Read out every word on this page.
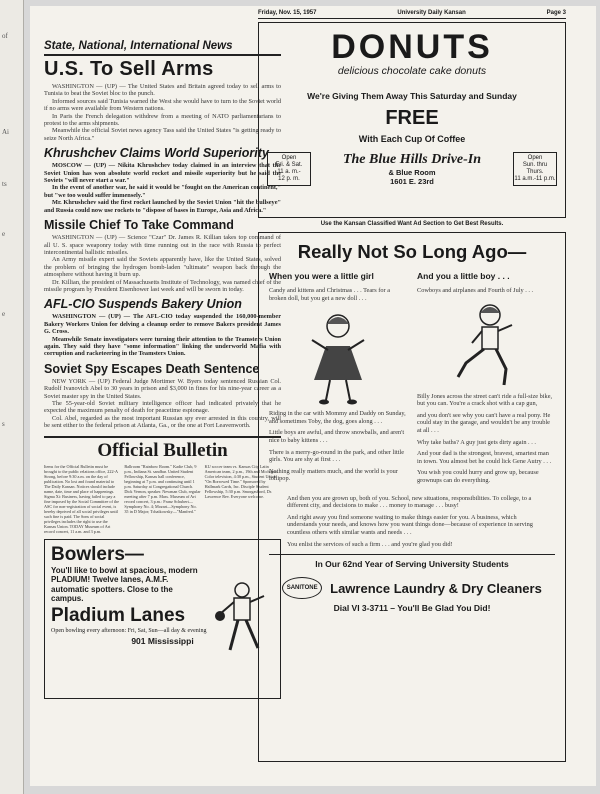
of
Ai
ts
e
e
s
State, National, International News
U.S. To Sell Arms

WASHINGTON — (UP) — The United States and Britain agreed today to sell arms to Tunisia to beat the Soviet bloc to the punch.

Informed sources said Tunisia warned the West she would have to turn to the Soviet world if no arms were available from Western nations.

In Paris the French delegation withdrew from a meeting of NATO parliamentarians to protest to the arms shipments.

Meanwhile the official Soviet news agency Tass said the United States "is getting ready to seize North Africa."

Khrushchev Claims World Superiority

MOSCOW — (UP) — Nikita Khrushchev today claimed in an interview that the Soviet Union has won absolute world rocket and missile superiority but he said the Soviets "will never start a war."

In the event of another war, he said it would be "fought on the American continent," but "we too would suffer immensely."

Mr. Khrushchev said the first rocket launched by the Soviet Union "hit the bullseye" and Russia could now use rockets to "dispose of bases in Europe, Asia and Africa."

Missile Chief To Take Command

WASHINGTON — (UP) — Science "Czar" Dr. James R. Killian takes top command of all U. S. space weaponry today with time running out in the race with Russia to perfect intercontinental ballistic missiles.

An Army missile expert said the Soviets apparently have, like the United States, solved the problem of bringing the hydrogen bomb-laden "ultimate" weapon back through the atmosphere without having it burn up.

Dr. Killian, the president of Massachusetts Institute of Technology, was named chief of the missile program by President Eisenhower last week and will be sworn in today.

AFL-CIO Suspends Bakery Union

WASHINGTON — (UP) — The AFL-CIO today suspended the 160,000-member Bakery Workers Union for delving a cleanup order to remove Bakers president James G. Cross.

Meanwhile Senate investigators were turning their attention to the Teamsters Union again. They said they have "some information" linking the underworld Mafia with corruption and racketeering in the Teamsters Union.

Soviet Spy Escapes Death Sentence

NEW YORK — (UP) Federal Judge Mortimer W. Byers today sentenced Russian Col. Rudolf Ivanovich Abel to 30 years in prison and $3,000 in fines for his nine-year career as a Soviet master spy in the United States.

The 55-year-old Soviet military intelligence officer had indicated privately that he expected the maximum penalty of death for peacetime espionage.

Col. Abel, regarded as the most important Russian spy ever arrested in this country, will be sent either to the federal prison at Atlanta, Ga., or the one at Fort Leavenworth.

Official Bulletin
Items for the Official Bulletin must be brought to the public relations office, 222-A Strong, before 9:30 a.m. on the day of publication. No lost and found material to The Daily Kansan. Notices should include name, date, time and place of happenings. Sigma Xi: Business, having failed to pay a fine imposed by the Social Committee of the ASC for non-registration of social event, is hereby deprived of all social privileges until such fine is paid. The Sons of social privileges includes the right to use the Kansas Union. TODAY Museum of Art record concert, 11 a.m. and 3 p.m.
Ballroom "Rainbow Room." Kadie Club, 9 p.m., Indiana St. sandbar. United Student Fellowship, Kansas hall conference, beginning at 7 p.m. and continuing until 1 p.m. Saturday at Congregational Church. Dick Vernon, speaker. Newman Club, regular meeting after 7 p.m. Mass. Museum of Art record concert, 3 p.m.: Franz Schubert—Symphony No. 4; Mozart—Symphony No. 35 in D Major; Tchaikowsky—"Manfred."
KU soccer team vs. Kansas City Latin American team, 2 p.m., 19th and Michigan. Color television, 4:30 p.m., Student Union, "On Borrowed Time." Sponsored by Hallmark Cards, Inc. Disciple Student Fellowship, 5:30 p.m. Smorgasbord, Dr. Lawrence Rev. Everyone welcome.
Bowlers—
You'll like to bowl at spacious, modern PLADIUM! Twelve lanes, A.M.F. automatic spotters. Close to the campus.
Pladium Lanes
Open bowling every afternoon: Fri, Sat, Sun—all day & evening
901 Mississippi
Friday, Nov. 15, 1957	University Daily Kansan	Page 3
DONUTS
delicious chocolate cake donuts
We're Giving Them Away This Saturday and Sunday
FREE
With Each Cup Of Coffee
Open
Fri. & Sat.
11 a. m.-
12 p. m.
The Blue Hills Drive-In
& Blue Room
1601 E. 23rd
Open
Sun. thru
Thurs.
11 a.m.-11 p.m.
Use the Kansan Classified Want Ad Section to Get Best Results.
Really Not So Long Ago—
When you were a little girl
Candy and kittens and Christmas . . . Tears for a broken doll, but you get a new doll . . .
Riding in the car with Mommy and Daddy on Sunday, and sometimes Toby, the dog, goes along . . .
Little boys are awful, and throw snowballs, and aren't nice to baby kittens . . .
There is a merry-go-round in the park, and other little girls. You are shy at first . . .
Nothing really matters much, and the world is your lollipop.
And you a little boy . . .
Cowboys and airplanes and Fourth of July . . .
Billy Jones across the street can't ride a full-size bike, but you can. You're a crack shot with a cap gun,
and you don't see why you can't have a real pony. He could stay in the garage, and wouldn't be any trouble at all . . .
Why take baths? A guy just gets dirty again . . .
And your dad is the strongest, bravest, smartest man in town. You almost bet he could lick Gene Autry . . .
You wish you could hurry and grow up, because grownups can do everything.
And then you are grown up, both of you. School, new situations, responsibilities. To college, to a different city, and decisions to make . . . money to manage . . . busy!
And right away you find someone waiting to make things easier for you. A business, which understands your needs, and knows how you want things done—because of experience in serving countless others with similar wants and needs . . .
You enlist the services of such a firm . . . and you're glad you did!
In Our 62nd Year of Serving University Students
SANITONE Lawrence Laundry & Dry Cleaners
Dial VI 3-3711 – You'll Be Glad You Did!
